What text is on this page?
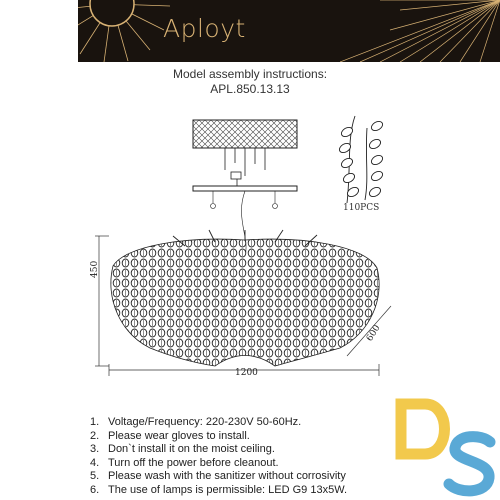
Aployt
Model assembly instructions:
APL.850.13.13
110PCS
450
1200
600
1. Voltage/Frequency: 220-230V 50-60Hz.
2. Please wear gloves to install.
3. Don`t install it on the moist ceiling.
4. Turn off the power before cleanout.
5. Please wash with the sanitizer without corrosivity
6. The use of lamps is permissible: LED G9 13x5W.
